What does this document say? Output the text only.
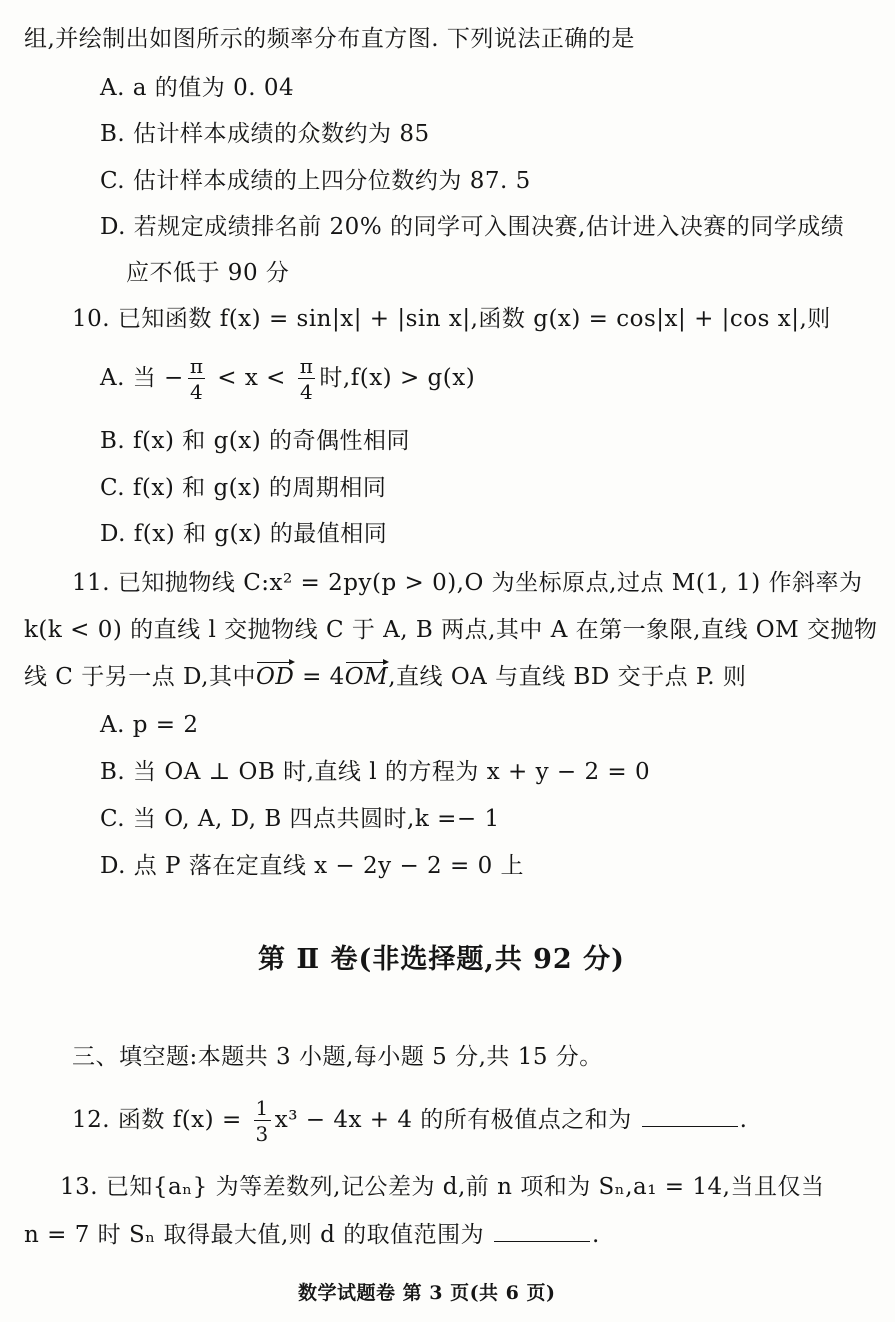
组,并绘制出如图所示的频率分布直方图. 下列说法正确的是
A. a 的值为 0. 04
B. 估计样本成绩的众数约为 85
C. 估计样本成绩的上四分位数约为 87. 5
D. 若规定成绩排名前 20% 的同学可入围决赛,估计进入决赛的同学成绩
应不低于 90 分
10. 已知函数 f(x) = sin|x| + |sin x|,函数 g(x) = cos|x| + |cos x|,则
A. 当 − $\frac{\pi}{4} < x < \frac{\pi}{4}$ 时,f(x) > g(x)
B. f(x) 和 g(x) 的奇偶性相同
C. f(x) 和 g(x) 的周期相同
D. f(x) 和 g(x) 的最值相同
11. 已知抛物线 C:x² = 2py(p > 0),O 为坐标原点,过点 M(1, 1) 作斜率为
k(k < 0) 的直线 l 交抛物线 C 于 A, B 两点,其中 A 在第一象限,直线 OM 交抛物
线 C 于另一点 D,其中OD = 4OM,直线 OA 与直线 BD 交于点 P. 则
A. p = 2
B. 当 OA ⊥ OB 时,直线 l 的方程为 x + y − 2 = 0
C. 当 O, A, D, B 四点共圆时,k =− 1
D. 点 P 落在定直线 x − 2y − 2 = 0 上
第 Ⅱ 卷(非选择题,共 92 分)
三、填空题:本题共 3 小题,每小题 5 分,共 15 分。
12. 函数 $f(x) = \frac{1}{3} x^3 - 4x + 4$ 的所有极值点之和为	.
13. 已知{aₙ} 为等差数列,记公差为 d,前 n 项和为 Sₙ,a₁ = 14,当且仅当
n = 7 时 Sₙ 取得最大值,则 d 的取值范围为	.
数学试题卷 第 3 页(共 6 页)
